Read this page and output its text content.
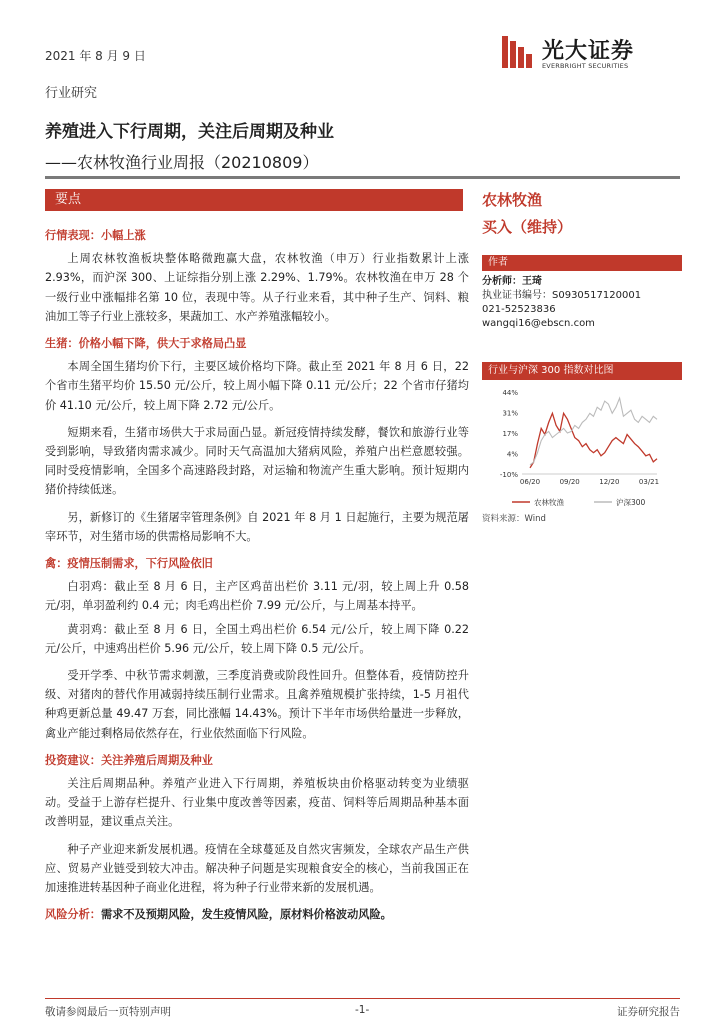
2021 年 8 月 9 日	光大证券
EVERBRIGHT SECURITIES
行业研究
养殖进入下行周期，关注后周期及种业
——农林牧渔行业周报（20210809）
要点
行情表现：小幅上涨
上周农林牧渔板块整体略微跑赢大盘，农林牧渔（申万）行业指数累计上涨 2.93%，而沪深 300、上证综指分别上涨 2.29%、1.79%。农林牧渔在申万 28 个一级行业中涨幅排名第 10 位，表现中等。从子行业来看，其中种子生产、饲料、粮油加工等子行业上涨较多，果蔬加工、水产养殖涨幅较小。
生猪：价格小幅下降，供大于求格局凸显
本周全国生猪均价下行，主要区域价格均下降。截止至 2021 年 8 月 6 日，22 个省市生猪平均价 15.50 元/公斤，较上周小幅下降 0.11 元/公斤；22 个省市仔猪均价 41.10 元/公斤，较上周下降 2.72 元/公斤。
短期来看，生猪市场供大于求局面凸显。新冠疫情持续发酵，餐饮和旅游行业等受到影响，导致猪肉需求减少。同时天气高温加大猪病风险，养殖户出栏意愿较强。同时受疫情影响，全国多个高速路段封路，对运输和物流产生重大影响。预计短期内猪价持续低迷。
另，新修订的《生猪屠宰管理条例》自 2021 年 8 月 1 日起施行，主要为规范屠宰环节，对生猪市场的供需格局影响不大。
禽：疫情压制需求，下行风险依旧
白羽鸡：截止至 8 月 6 日，主产区鸡苗出栏价 3.11 元/羽，较上周上升 0.58 元/羽，单羽盈利约 0.4 元；肉毛鸡出栏价 7.99 元/公斤，与上周基本持平。
黄羽鸡：截止至 8 月 6 日，全国土鸡出栏价 6.54 元/公斤，较上周下降 0.22 元/公斤，中速鸡出栏价 5.96 元/公斤，较上周下降 0.5 元/公斤。
受开学季、中秋节需求刺激，三季度消费或阶段性回升。但整体看，疫情防控升级、对猪肉的替代作用减弱持续压制行业需求。且禽养殖规模扩张持续，1-5 月祖代种鸡更新总量 49.47 万套，同比涨幅 14.43%。预计下半年市场供给量进一步释放，禽业产能过剩格局依然存在，行业依然面临下行风险。
投资建议：关注养殖后周期及种业
关注后周期品种。养殖产业进入下行周期，养殖板块由价格驱动转变为业绩驱动。受益于上游存栏提升、行业集中度改善等因素，疫苗、饲料等后周期品种基本面改善明显，建议重点关注。
种子产业迎来新发展机遇。疫情在全球蔓延及自然灾害频发，全球农产品生产供应、贸易产业链受到较大冲击。解决种子问题是实现粮食安全的核心，当前我国正在加速推进转基因种子商业化进程，将为种子行业带来新的发展机遇。
风险分析：需求不及预期风险，发生疫情风险，原材料价格波动风险。
农林牧渔
买入（维持）
作者
分析师：王琦
执业证书编号：S0930517120001
021-52523836
wangqi16@ebscn.com
行业与沪深 300 指数对比图
44%
31%
17%
4%
-10%
06/20	09/20	12/20	03/21
农林牧渔	沪深300
资料来源：Wind
敬请参阅最后一页特别声明	-1-	证券研究报告
